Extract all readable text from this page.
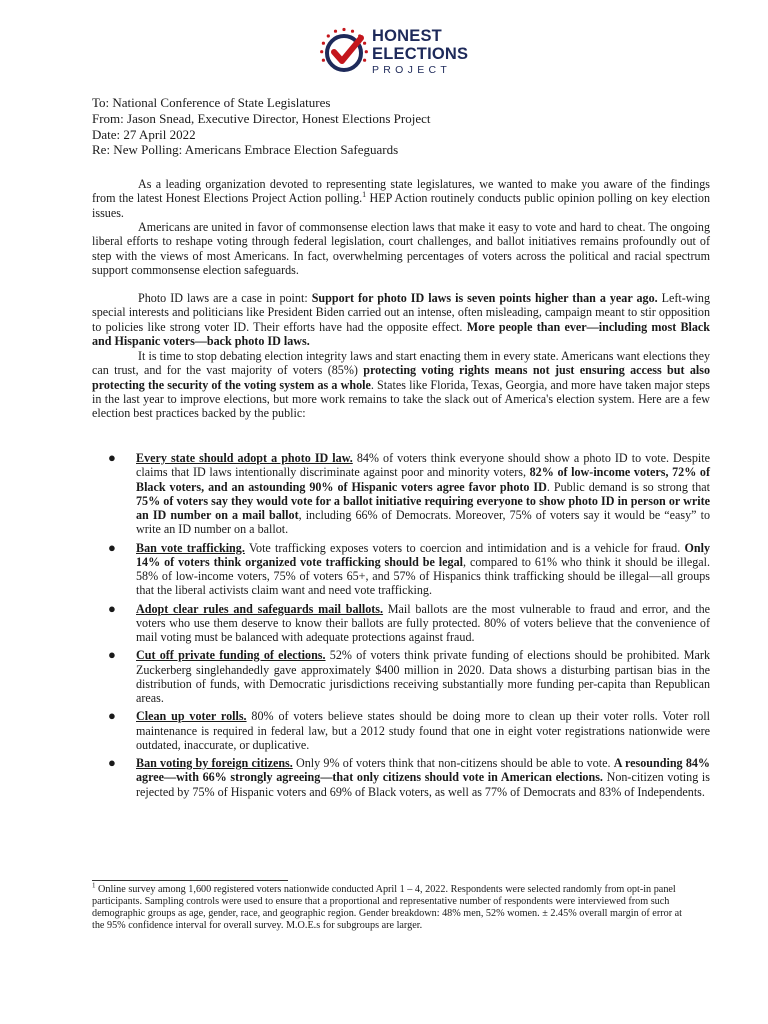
HONEST
ELECTIONS
PROJECT
To: National Conference of State Legislatures
From: Jason Snead, Executive Director, Honest Elections Project
Date: 27 April 2022
Re: New Polling: Americans Embrace Election Safeguards

As a leading organization devoted to representing state legislatures, we wanted to make you aware of the findings from the latest Honest Elections Project Action polling.$^1$ HEP Action routinely conducts public opinion polling on key election issues.

Americans are united in favor of commonsense election laws that make it easy to vote and hard to cheat. The ongoing liberal efforts to reshape voting through federal legislation, court challenges, and ballot initiatives remains profoundly out of step with the views of most Americans. In fact, overwhelming percentages of voters across the political and racial spectrum support commonsense election safeguards.

Photo ID laws are a case in point: Support for photo ID laws is seven points higher than a year ago. Left-wing special interests and politicians like President Biden carried out an intense, often misleading, campaign meant to stir opposition to policies like strong voter ID. Their efforts have had the opposite effect. More people than ever—including most Black and Hispanic voters—back photo ID laws.

It is time to stop debating election integrity laws and start enacting them in every state. Americans want elections they can trust, and for the vast majority of voters (85%) protecting voting rights means not just ensuring access but also protecting the security of the voting system as a whole. States like Florida, Texas, Georgia, and more have taken major steps in the last year to improve elections, but more work remains to take the slack out of America's election system. Here are a few election best practices backed by the public:

● Every state should adopt a photo ID law. 84% of voters think everyone should show a photo ID to vote. Despite claims that ID laws intentionally discriminate against poor and minority voters, 82% of low-income voters, 72% of Black voters, and an astounding 90% of Hispanic voters agree favor photo ID. Public demand is so strong that 75% of voters say they would vote for a ballot initiative requiring everyone to show photo ID in person or write an ID number on a mail ballot, including 66% of Democrats. Moreover, 75% of voters say it would be “easy” to write an ID number on a ballot.
● Ban vote trafficking. Vote trafficking exposes voters to coercion and intimidation and is a vehicle for fraud. Only 14% of voters think organized vote trafficking should be legal, compared to 61% who think it should be illegal. 58% of low-income voters, 75% of voters 65+, and 57% of Hispanics think trafficking should be illegal—all groups that the liberal activists claim want and need vote trafficking.
● Adopt clear rules and safeguards mail ballots. Mail ballots are the most vulnerable to fraud and error, and the voters who use them deserve to know their ballots are fully protected. 80% of voters believe that the convenience of mail voting must be balanced with adequate protections against fraud.
● Cut off private funding of elections. 52% of voters think private funding of elections should be prohibited. Mark Zuckerberg singlehandedly gave approximately $400 million in 2020. Data shows a disturbing partisan bias in the distribution of funds, with Democratic jurisdictions receiving substantially more funding per-capita than Republican areas.
● Clean up voter rolls. 80% of voters believe states should be doing more to clean up their voter rolls. Voter roll maintenance is required in federal law, but a 2012 study found that one in eight voter registrations nationwide were outdated, inaccurate, or duplicative.
● Ban voting by foreign citizens. Only 9% of voters think that non-citizens should be able to vote. A resounding 84% agree—with 66% strongly agreeing—that only citizens should vote in American elections. Non-citizen voting is rejected by 75% of Hispanic voters and 69% of Black voters, as well as 77% of Democrats and 83% of Independents.
$^1$ Online survey among 1,600 registered voters nationwide conducted April 1 – 4, 2022. Respondents were selected randomly from opt-in panel participants. Sampling controls were used to ensure that a proportional and representative number of respondents were interviewed from such demographic groups as age, gender, race, and geographic region. Gender breakdown: 48% men, 52% women. ± 2.45% overall margin of error at the 95% confidence interval for overall survey. M.O.E.s for subgroups are larger.
